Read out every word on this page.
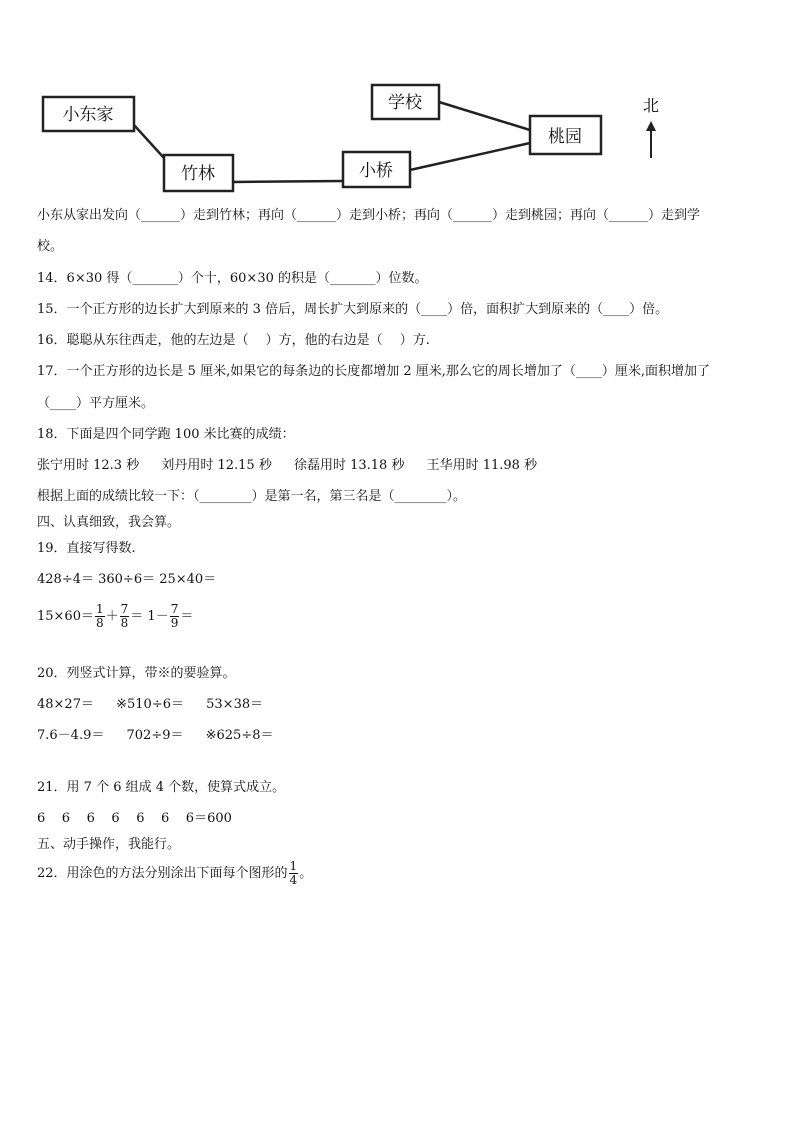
小东家
竹林
学校
小桥
桃园
北
小东从家出发向（______）走到竹林；再向（______）走到小桥；再向（______）走到桃园；再向（______）走到学
校。
14．6×30 得（_______）个十，60×30 的积是（_______）位数。
15．一个正方形的边长扩大到原来的 3 倍后，周长扩大到原来的（____）倍，面积扩大到原来的（____）倍。
16．聪聪从东往西走，他的左边是（　 ）方，他的右边是（　 ）方.
17．一个正方形的边长是 5 厘米,如果它的每条边的长度都增加 2 厘米,那么它的周长增加了（____）厘米,面积增加了
（____）平方厘米。
18．下面是四个同学跑 100 米比赛的成绩：
张宁用时 12.3 秒 刘丹用时 12.15 秒 徐磊用时 13.18 秒 王华用时 11.98 秒
根据上面的成绩比较一下：（________）是第一名，第三名是（________）。
四、认真细致，我会算。
19．直接写得数.
428÷4＝ 360÷6＝ 25×40＝
$15\times 60= \frac{1}{8} + \frac{7}{8} = 1- \frac{7}{9}$ ＝
20．列竖式计算，带※的要验算。
48×27＝ ※510÷6＝ 53×38＝
7.6－4.9＝ 702÷9＝ ※625÷8＝
21．用 7 个 6 组成 4 个数，使算式成立。
6    6    6    6    6    6    6＝600
五、动手操作，我能行。
22．用涂色的方法分别涂出下面每个图形的 $\frac{1}{4}$ 。
